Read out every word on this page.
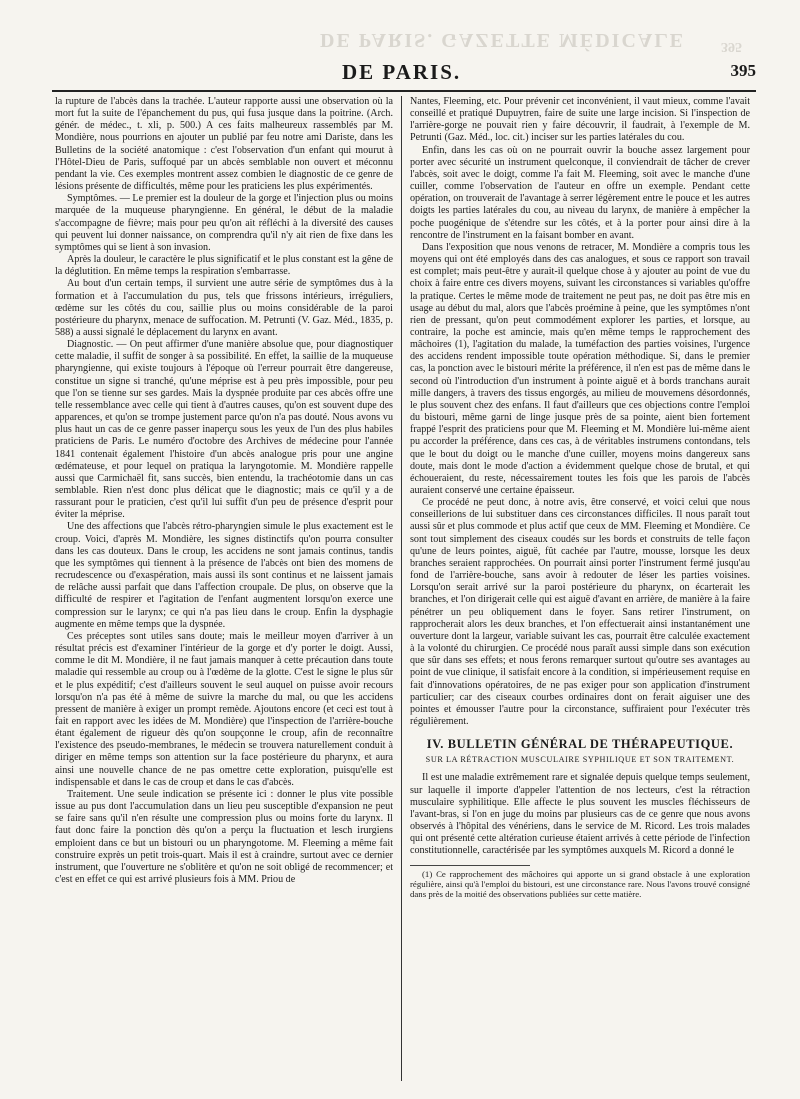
DE PARIS. GAZETTE MÉDICALE	395
DE PARIS.	395

la rupture de l'abcès dans la trachée. L'auteur rapporte aussi une observation où la mort fut la suite de l'épanchement du pus, qui fusa jusque dans la poitrine. (Arch. génér. de médec., t. xli, p. 500.) A ces faits malheureux rassemblés par M. Mondière, nous pourrions en ajouter un publié par feu notre ami Dariste, dans les Bulletins de la société anatomique : c'est l'observation d'un enfant qui mourut à l'Hôtel-Dieu de Paris, suffoqué par un abcès semblable non ouvert et méconnu pendant la vie. Ces exemples montrent assez combien le diagnostic de ce genre de lésions présente de difficultés, même pour les praticiens les plus expérimentés.

Symptômes. — Le premier est la douleur de la gorge et l'injection plus ou moins marquée de la muqueuse pharyngienne. En général, le début de la maladie s'accompagne de fièvre; mais pour peu qu'on ait réfléchi à la diversité des causes qui peuvent lui donner naissance, on comprendra qu'il n'y ait rien de fixe dans les symptômes qui se lient à son invasion.

Après la douleur, le caractère le plus significatif et le plus constant est la gêne de la déglutition. En même temps la respiration s'embarrasse.

Au bout d'un certain temps, il survient une autre série de symptômes dus à la formation et à l'accumulation du pus, tels que frissons intérieurs, irréguliers, œdème sur les côtés du cou, saillie plus ou moins considérable de la paroi postérieure du pharynx, menace de suffocation. M. Petrunti (V. Gaz. Méd., 1835, p. 588) a aussi signalé le déplacement du larynx en avant.

Diagnostic. — On peut affirmer d'une manière absolue que, pour diagnostiquer cette maladie, il suffit de songer à sa possibilité. En effet, la saillie de la muqueuse pharyngienne, qui existe toujours à l'époque où l'erreur pourrait être dangereuse, constitue un signe si tranché, qu'une méprise est à peu près impossible, pour peu que l'on se tienne sur ses gardes. Mais la dyspnée produite par ces abcès offre une telle ressemblance avec celle qui tient à d'autres causes, qu'on est souvent dupe des apparences, et qu'on se trompe justement parce qu'on n'a pas douté. Nous avons vu plus haut un cas de ce genre passer inaperçu sous les yeux de l'un des plus habiles praticiens de Paris. Le numéro d'octobre des Archives de médecine pour l'année 1841 contenait également l'histoire d'un abcès analogue pris pour une angine œdémateuse, et pour lequel on pratiqua la laryngotomie. M. Mondière rappelle aussi que Carmichaël fit, sans succès, bien entendu, la trachéotomie dans un cas semblable. Rien n'est donc plus délicat que le diagnostic; mais ce qu'il y a de rassurant pour le praticien, c'est qu'il lui suffit d'un peu de présence d'esprit pour éviter la méprise.

Une des affections que l'abcès rétro-pharyngien simule le plus exactement est le croup. Voici, d'après M. Mondière, les signes distinctifs qu'on pourra consulter dans les cas douteux. Dans le croup, les accidens ne sont jamais continus, tandis que les symptômes qui tiennent à la présence de l'abcès ont bien des momens de recrudescence ou d'exaspération, mais aussi ils sont continus et ne laissent jamais de relâche aussi parfait que dans l'affection croupale. De plus, on observe que la difficulté de respirer et l'agitation de l'enfant augmentent lorsqu'on exerce une compression sur le larynx; ce qui n'a pas lieu dans le croup. Enfin la dysphagie augmente en même temps que la dyspnée.

Ces préceptes sont utiles sans doute; mais le meilleur moyen d'arriver à un résultat précis est d'examiner l'intérieur de la gorge et d'y porter le doigt. Aussi, comme le dit M. Mondière, il ne faut jamais manquer à cette précaution dans toute maladie qui ressemble au croup ou à l'œdème de la glotte. C'est le signe le plus sûr et le plus expéditif; c'est d'ailleurs souvent le seul auquel on puisse avoir recours lorsqu'on n'a pas été à même de suivre la marche du mal, ou que les accidens pressent de manière à exiger un prompt remède. Ajoutons encore (et ceci est tout à fait en rapport avec les idées de M. Mondière) que l'inspection de l'arrière-bouche étant également de rigueur dès qu'on soupçonne le croup, afin de reconnaître l'existence des pseudo-membranes, le médecin se trouvera naturellement conduit à diriger en même temps son attention sur la face postérieure du pharynx, et aura ainsi une nouvelle chance de ne pas omettre cette exploration, puisqu'elle est indispensable et dans le cas de croup et dans le cas d'abcès.

Traitement. Une seule indication se présente ici : donner le plus vite possible issue au pus dont l'accumulation dans un lieu peu susceptible d'expansion ne peut se faire sans qu'il n'en résulte une compression plus ou moins forte du larynx. Il faut donc faire la ponction dès qu'on a perçu la fluctuation et lesch irurgiens emploient dans ce but un bistouri ou un pharyngotome. M. Fleeming a même fait construire exprès un petit trois-quart. Mais il est à craindre, surtout avec ce dernier instrument, que l'ouverture ne s'oblitère et qu'on ne soit obligé de recommencer; et c'est en effet ce qui est arrivé plusieurs fois à MM. Priou de

Nantes, Fleeming, etc. Pour prévenir cet inconvénient, il vaut mieux, comme l'avait conseillé et pratiqué Dupuytren, faire de suite une large incision. Si l'inspection de l'arrière-gorge ne pouvait rien y faire découvrir, il faudrait, à l'exemple de M. Petrunti (Gaz. Méd., loc. cit.) inciser sur les parties latérales du cou.

Enfin, dans les cas où on ne pourrait ouvrir la bouche assez largement pour porter avec sécurité un instrument quelconque, il conviendrait de tâcher de crever l'abcès, soit avec le doigt, comme l'a fait M. Fleeming, soit avec le manche d'une cuiller, comme l'observation de l'auteur en offre un exemple. Pendant cette opération, on trouverait de l'avantage à serrer légèrement entre le pouce et les autres doigts les parties latérales du cou, au niveau du larynx, de manière à empêcher la poche puogénique de s'étendre sur les côtés, et à la porter pour ainsi dire à la rencontre de l'instrument en la faisant bomber en avant.

Dans l'exposition que nous venons de retracer, M. Mondière a compris tous les moyens qui ont été employés dans des cas analogues, et sous ce rapport son travail est complet; mais peut-être y aurait-il quelque chose à y ajouter au point de vue du choix à faire entre ces divers moyens, suivant les circonstances si variables qu'offre la pratique. Certes le même mode de traitement ne peut pas, ne doit pas être mis en usage au début du mal, alors que l'abcès proémine à peine, que les symptômes n'ont rien de pressant, qu'on peut commodément explorer les parties, et lorsque, au contraire, la poche est amincie, mais qu'en même temps le rapprochement des mâchoires (1), l'agitation du malade, la tuméfaction des parties voisines, l'urgence des accidens rendent impossible toute opération méthodique. Si, dans le premier cas, la ponction avec le bistouri mérite la préférence, il n'en est pas de même dans le second où l'introduction d'un instrument à pointe aiguë et à bords tranchans aurait mille dangers, à travers des tissus engorgés, au milieu de mouvemens désordonnés, le plus souvent chez des enfans. Il faut d'ailleurs que ces objections contre l'emploi du bistouri, même garni de linge jusque près de sa pointe, aient bien fortement frappé l'esprit des praticiens pour que M. Fleeming et M. Mondière lui-même aient pu accorder la préférence, dans ces cas, à de véritables instrumens contondans, tels que le bout du doigt ou le manche d'une cuiller, moyens moins dangereux sans doute, mais dont le mode d'action a évidemment quelque chose de brutal, et qui échoueraient, du reste, nécessairement toutes les fois que les parois de l'abcès auraient conservé une certaine épaisseur.

Ce procédé ne peut donc, à notre avis, être conservé, et voici celui que nous conseillerions de lui substituer dans ces circonstances difficiles. Il nous paraît tout aussi sûr et plus commode et plus actif que ceux de MM. Fleeming et Mondière. Ce sont tout simplement des ciseaux coudés sur les bords et construits de telle façon qu'une de leurs pointes, aiguë, fût cachée par l'autre, mousse, lorsque les deux branches seraient rapprochées. On pourrait ainsi porter l'instrument fermé jusqu'au fond de l'arrière-bouche, sans avoir à redouter de léser les parties voisines. Lorsqu'on serait arrivé sur la paroi postérieure du pharynx, on écarterait les branches, et l'on dirigerait celle qui est aiguë d'avant en arrière, de manière à la faire pénétrer un peu obliquement dans le foyer. Sans retirer l'instrument, on rapprocherait alors les deux branches, et l'on effectuerait ainsi instantanément une ouverture dont la largeur, variable suivant les cas, pourrait être calculée exactement à la volonté du chirurgien. Ce procédé nous paraît aussi simple dans son exécution que sûr dans ses effets; et nous ferons remarquer surtout qu'outre ses avantages au point de vue clinique, il satisfait encore à la condition, si impérieusement requise en fait d'innovations opératoires, de ne pas exiger pour son application d'instrument particulier; car des ciseaux courbes ordinaires dont on ferait aiguiser une des pointes et émousser l'autre pour la circonstance, suffiraient pour l'exécuter très régulièrement.

IV. BULLETIN GÉNÉRAL DE THÉRAPEUTIQUE.
SUR LA RÉTRACTION MUSCULAIRE SYPHILIQUE ET SON TRAITEMENT.

Il est une maladie extrêmement rare et signalée depuis quelque temps seulement, sur laquelle il importe d'appeler l'attention de nos lecteurs, c'est la rétraction musculaire syphilitique. Elle affecte le plus souvent les muscles fléchisseurs de l'avant-bras, si l'on en juge du moins par plusieurs cas de ce genre que nous avons observés à l'hôpital des vénériens, dans le service de M. Ricord. Les trois malades qui ont présenté cette altération curieuse étaient arrivés à cette période de l'infection constitutionnelle, caractérisée par les symptômes auxquels M. Ricord a donné le

(1) Ce rapprochement des mâchoires qui apporte un si grand obstacle à une exploration régulière, ainsi qu'à l'emploi du bistouri, est une circonstance rare. Nous l'avons trouvé consigné dans près de la moitié des observations publiées sur cette matière.
